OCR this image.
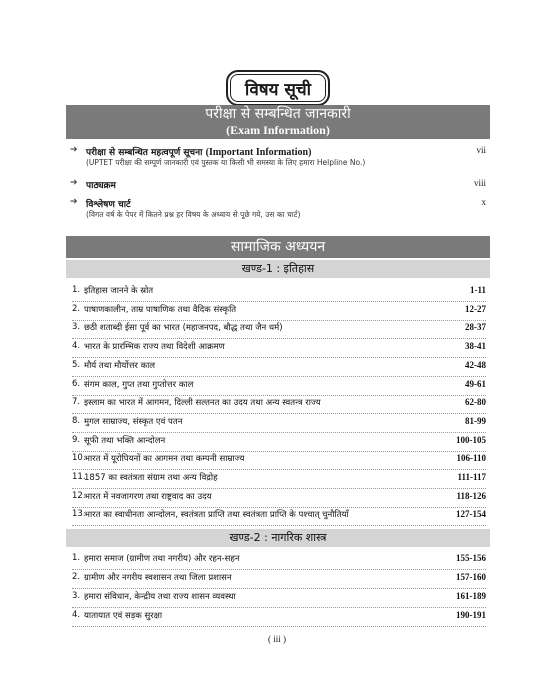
विषय सूची
परीक्षा से सम्बन्धित जानकारी
(Exam Information)
➔ परीक्षा से सम्बन्धित महत्वपूर्ण सूचना (Important Information)	vii
(UPTET परीक्षा की सम्पूर्ण जानकारी एवं पुस्तक या किसी भी समस्या के लिए हमारा Helpline No.)
➔ पाठ्यक्रम	viii
➔ विश्लेषण चार्ट	x
(विगत वर्ष के पेपर में कितने प्रश्न हर विषय के अध्याय से पूछे गये, उस का चार्ट)
सामाजिक अध्ययन
खण्ड-1 : इतिहास
1. इतिहास जानने के स्रोत	1-11
2. पाषाणकालीन, ताम्र पाषाणिक तथा वैदिक संस्कृति	12-27
3. छठी शताब्दी ईसा पूर्व का भारत (महाजनपद, बौद्ध तथा जैन धर्म)	28-37
4. भारत के प्रारम्भिक राज्य तथा विदेशी आक्रमण	38-41
5. मौर्य तथा मौर्योत्तर काल	42-48
6. संगम काल, गुप्त तथा गुप्तोत्तर काल	49-61
7. इस्लाम का भारत में आगमन, दिल्ली सल्तनत का उदय तथा अन्य स्वतन्त्र राज्य	62-80
8. मुगल साम्राज्य, संस्कृत एवं पतन	81-99
9. सूफी तथा भक्ति आन्दोलन	100-105
10.
भारत में यूरोपियनों का आगमन तथा कम्पनी साम्राज्य	106-110
11.
1857 का स्वतंत्रता संग्राम तथा अन्य विद्रोह	111-117
12.
भारत में नवजागरण तथा राष्ट्रवाद का उदय	118-126
13.
भारत का स्वाधीनता आन्दोलन, स्वतंत्रता प्राप्ति तथा स्वतंत्रता प्राप्ति के पश्चात् चुनौतियाँ	127-154
खण्ड-2 : नागरिक शास्त्र
1. हमारा समाज (ग्रामीण तथा नगरीय) और रहन-सहन	155-156
2. ग्रामीण और नगरीय स्वशासन तथा जिला प्रशासन	157-160
3. हमारा संविधान, केन्द्रीय तथा राज्य शासन व्यवस्था	161-189
4. यातायात एवं सड़क सुरक्षा	190-191
( iii )
